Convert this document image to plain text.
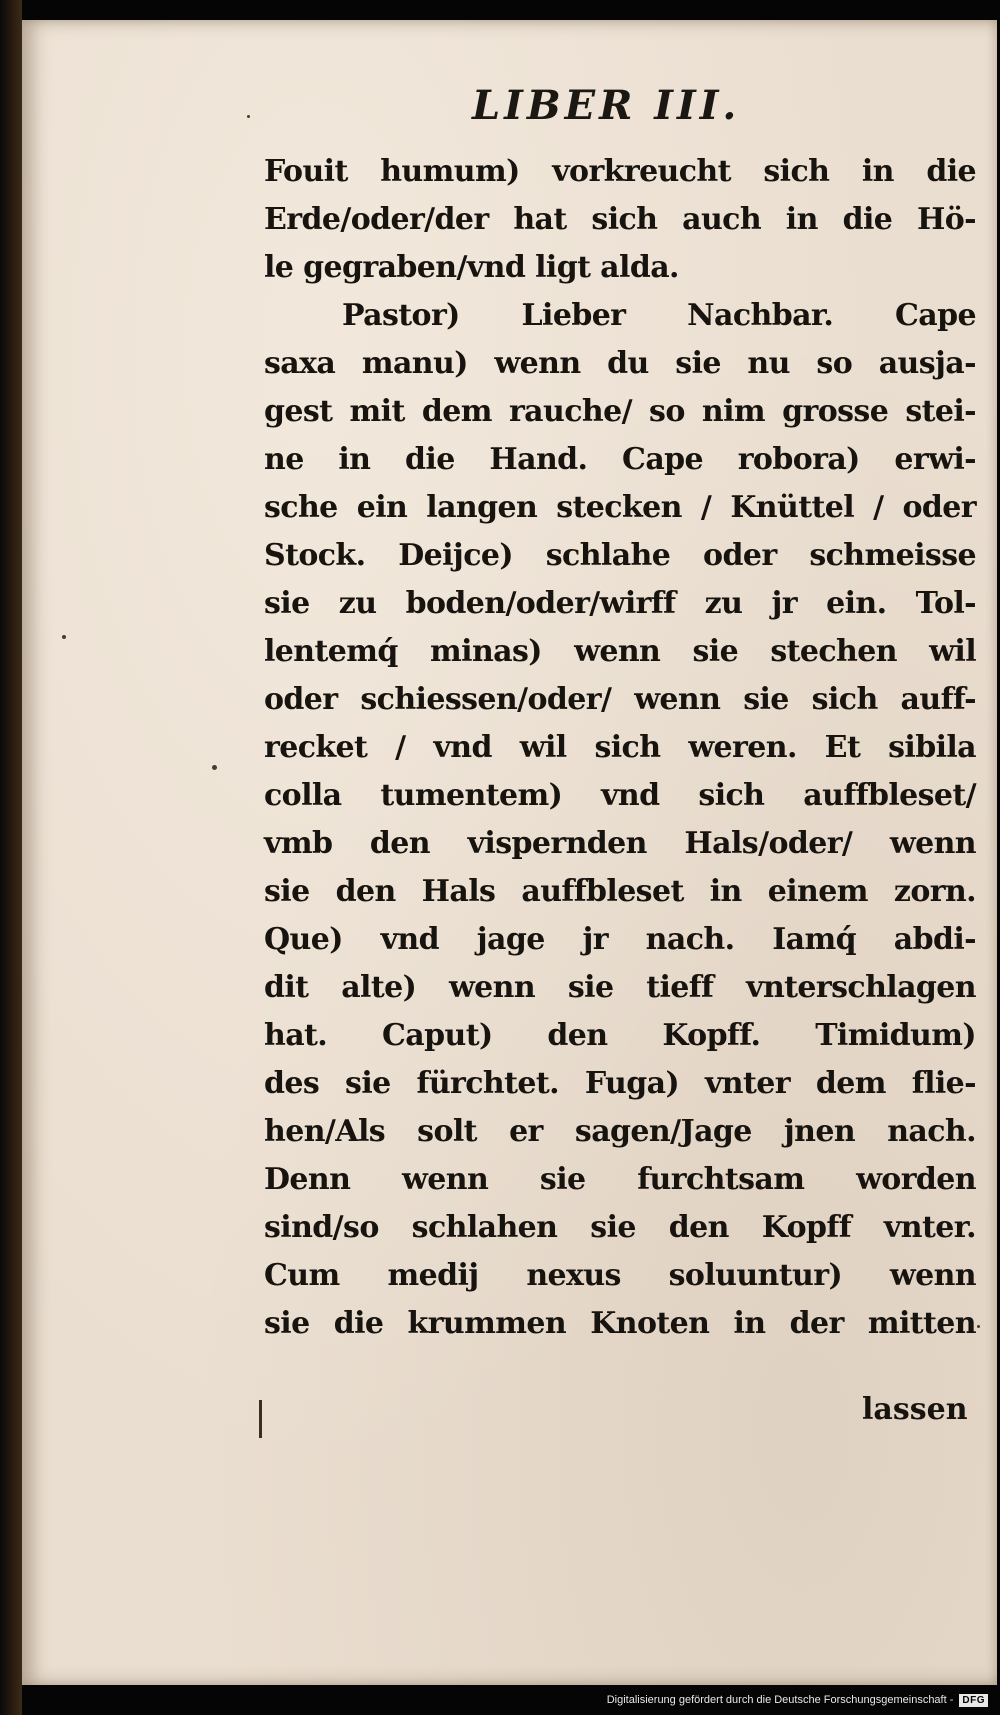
LIBER III.
Fouit humum) vorkreucht sich in die
Erde/oder/der hat sich auch in die Hö-
le gegraben/vnd ligt alda.
Pastor) Lieber Nachbar. Cape
saxa manu) wenn du sie nu so ausja-
gest mit dem rauche/ so nim grosse stei-
ne in die Hand. Cape robora) erwi-
sche ein langen stecken / Knüttel / oder
Stock. Deijce) schlahe oder schmeisse
sie zu boden/oder/wirff zu jr ein. Tol-
lentemq́ minas) wenn sie stechen wil
oder schiessen/oder/ wenn sie sich auff-
recket / vnd wil sich weren. Et sibila
colla tumentem) vnd sich auffbleset/
vmb den vispernden Hals/oder/ wenn
sie den Hals auffbleset in einem zorn.
Que) vnd jage jr nach. Iamq́ abdi-
dit alte) wenn sie tieff vnterschlagen
hat. Caput) den Kopff. Timidum)
des sie fürchtet. Fuga) vnter dem flie-
hen/Als solt er sagen/Jage jnen nach.
Denn wenn sie furchtsam worden
sind/so schlahen sie den Kopff vnter.
Cum medij nexus soluuntur) wenn
sie die krummen Knoten in der mitten
lassen
Digitalisierung gefördert durch die Deutsche Forschungsgemeinschaft - DFG
